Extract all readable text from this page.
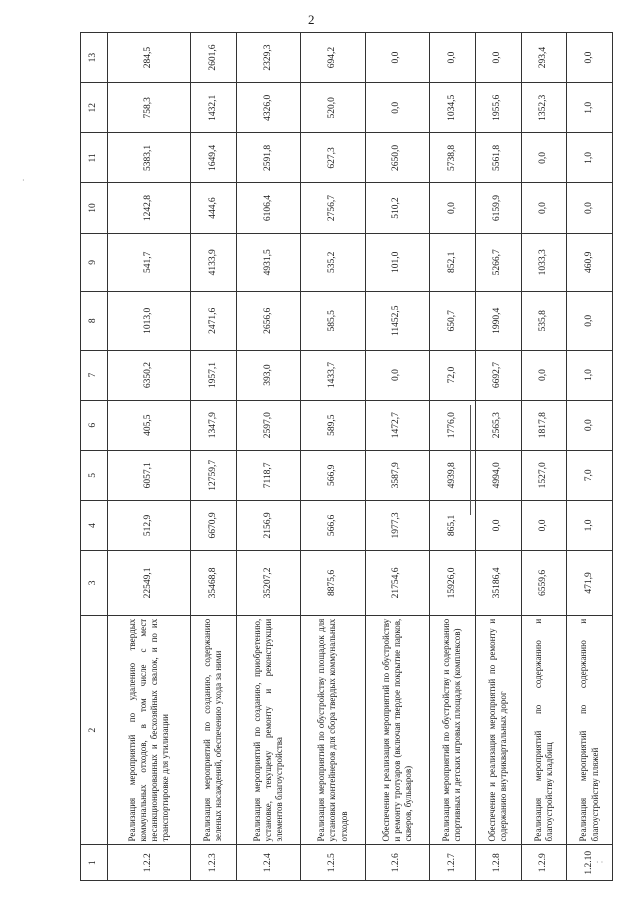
2
1	2	3	4	5	6	7	8	9	10	11	12	13
1.2.2	Реализация мероприятий по удалению твердых коммунальных отходов, в том числе с мест несанкционированных и бесхозяйных свалок, и по их транспортировке для утилизации	22549,1	512,9	6057,1	405,5	6350,2	1013,0	541,7	1242,8	5383,1	758,3	284,5
1.2.3	Реализация мероприятий по созданию, содержанию зеленых насаждений, обеспечению ухода за ними	35468,8	6670,9	12759,7	1347,9	1957,1	2471,6	4133,9	444,6	1649,4	1432,1	2601,6
1.2.4	Реализация мероприятий по созданию, приобретению, установке, текущему ремонту и реконструкции элементов благоустройства	35207,2	2156,9	7118,7	2597,0	393,0	2656,6	4931,5	6106,4	2591,8	4326,0	2329,3
1.2.5	Реализация мероприятий по обустройству площадок для установки контейнеров для сбора твердых коммунальных отходов	8875,6	566,6	566,9	589,5	1433,7	585,5	535,2	2756,7	627,3	520,0	694,2
1.2.6	Обеспечение и реализация мероприятий по обустройству и ремонту тротуаров (включая твердое покрытие парков, скверов, бульваров)	21754,6	1977,3	3587,9	1472,7	0,0	11452,5	101,0	510,2	2650,0	0,0	0,0
1.2.7	Реализация мероприятий по обустройству и содержанию спортивных и детских игровых площадок (комплексов)	15926,0	865,1	4939,8	1776,0	72,0	650,7	852,1	0,0	5738,8	1034,5	0,0
1.2.8	Обеспечение и реализация мероприятий по ремонту и содержанию внутриквартальных дорог	35186,4	0,0	4994,0	2565,3	6692,7	1990,4	5266,7	6159,9	5561,8	1955,6	0,0
1.2.9	Реализация мероприятий по содержанию и благоустройству кладбищ	6559,6	0,0	1527,0	1817,8	0,0	535,8	1033,3	0,0	0,0	1352,3	293,4
1.2.10	Реализация мероприятий по содержанию и благоустройству пляжей	471,9	1,0	7,0	0,0	1,0	0,0	460,9	0,0	1,0	1,0	0,0
· ·
·
